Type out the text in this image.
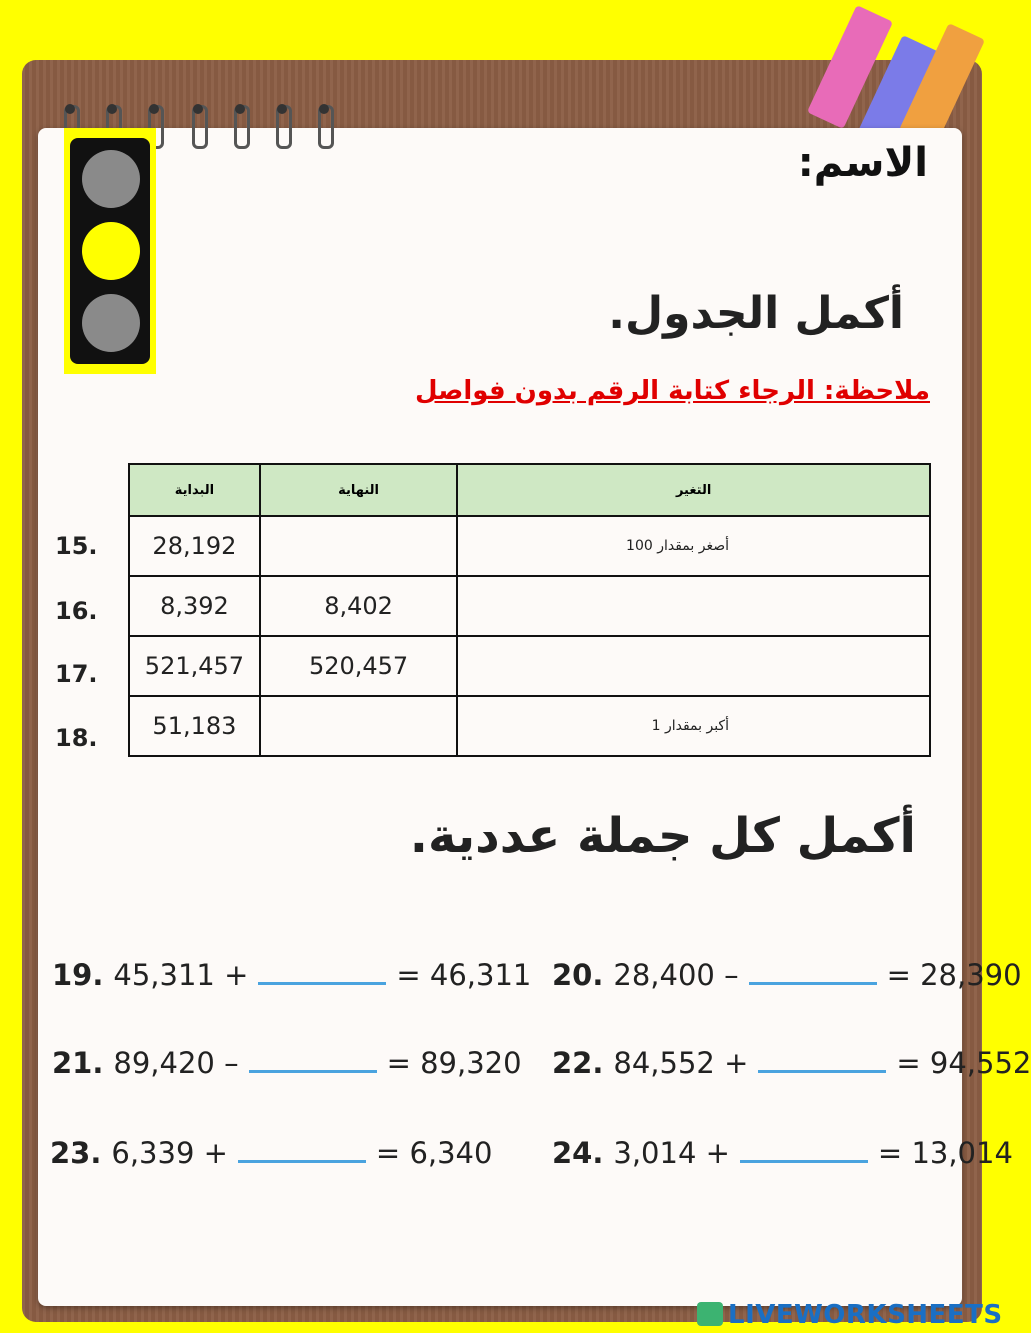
الاسم:
أكمل الجدول.
ملاحظة: الرجاء كتابة الرقم بدون فواصل
البداية	النهاية	التغير
28,192		أصغر بمقدار 100
8,392	8,402	
521,457	520,457	
51,183		أكبر بمقدار 1
15.
16.
17.
18.
أكمل كل جملة عددية.
19. 45,311 +	= 46,311 20. 28,400 –	= 28,390
21. 89,420 –	= 89,320 22. 84,552 +	= 94,552
23. 6,339 +	= 6,340 24. 3,014 +	= 13,014
LIVEWORKSHEETS
